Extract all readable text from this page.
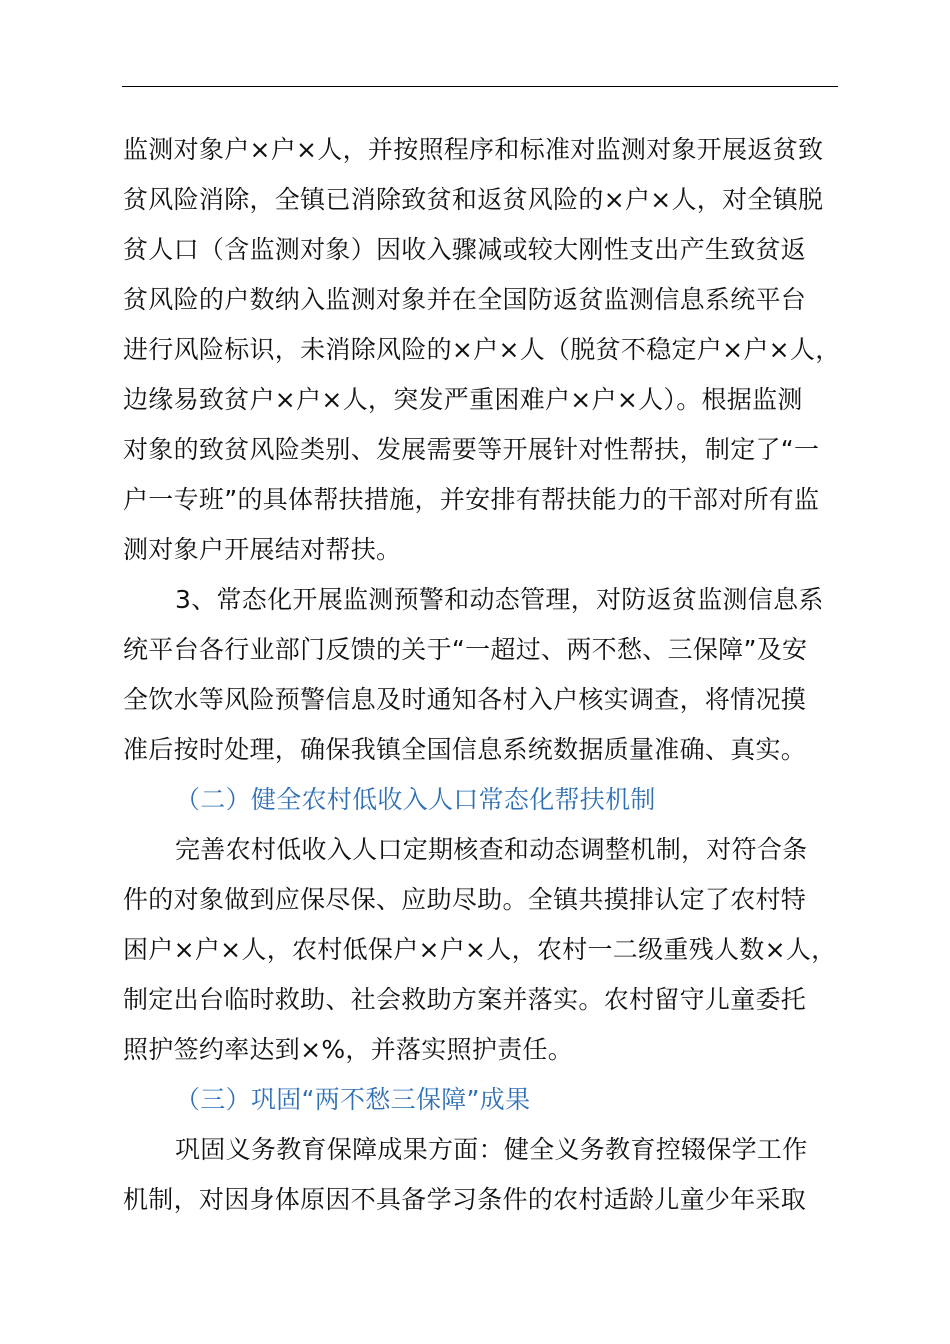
监测对象户×户×人，并按照程序和标准对监测对象开展返贫致
贫风险消除，全镇已消除致贫和返贫风险的×户×人，对全镇脱
贫人口（含监测对象）因收入骤减或较大刚性支出产生致贫返
贫风险的户数纳入监测对象并在全国防返贫监测信息系统平台
进行风险标识，未消除风险的×户×人（脱贫不稳定户×户×人，
边缘易致贫户×户×人，突发严重困难户×户×人）。根据监测
对象的致贫风险类别、发展需要等开展针对性帮扶，制定了“一
户一专班”的具体帮扶措施，并安排有帮扶能力的干部对所有监
测对象户开展结对帮扶。
3、常态化开展监测预警和动态管理，对防返贫监测信息系
统平台各行业部门反馈的关于“一超过、两不愁、三保障”及安
全饮水等风险预警信息及时通知各村入户核实调查，将情况摸
准后按时处理，确保我镇全国信息系统数据质量准确、真实。
（二）健全农村低收入人口常态化帮扶机制
完善农村低收入人口定期核查和动态调整机制，对符合条
件的对象做到应保尽保、应助尽助。全镇共摸排认定了农村特
困户×户×人，农村低保户×户×人，农村一二级重残人数×人，
制定出台临时救助、社会救助方案并落实。农村留守儿童委托
照护签约率达到×%，并落实照护责任。
（三）巩固“两不愁三保障”成果
巩固义务教育保障成果方面：健全义务教育控辍保学工作
机制，对因身体原因不具备学习条件的农村适龄儿童少年采取
